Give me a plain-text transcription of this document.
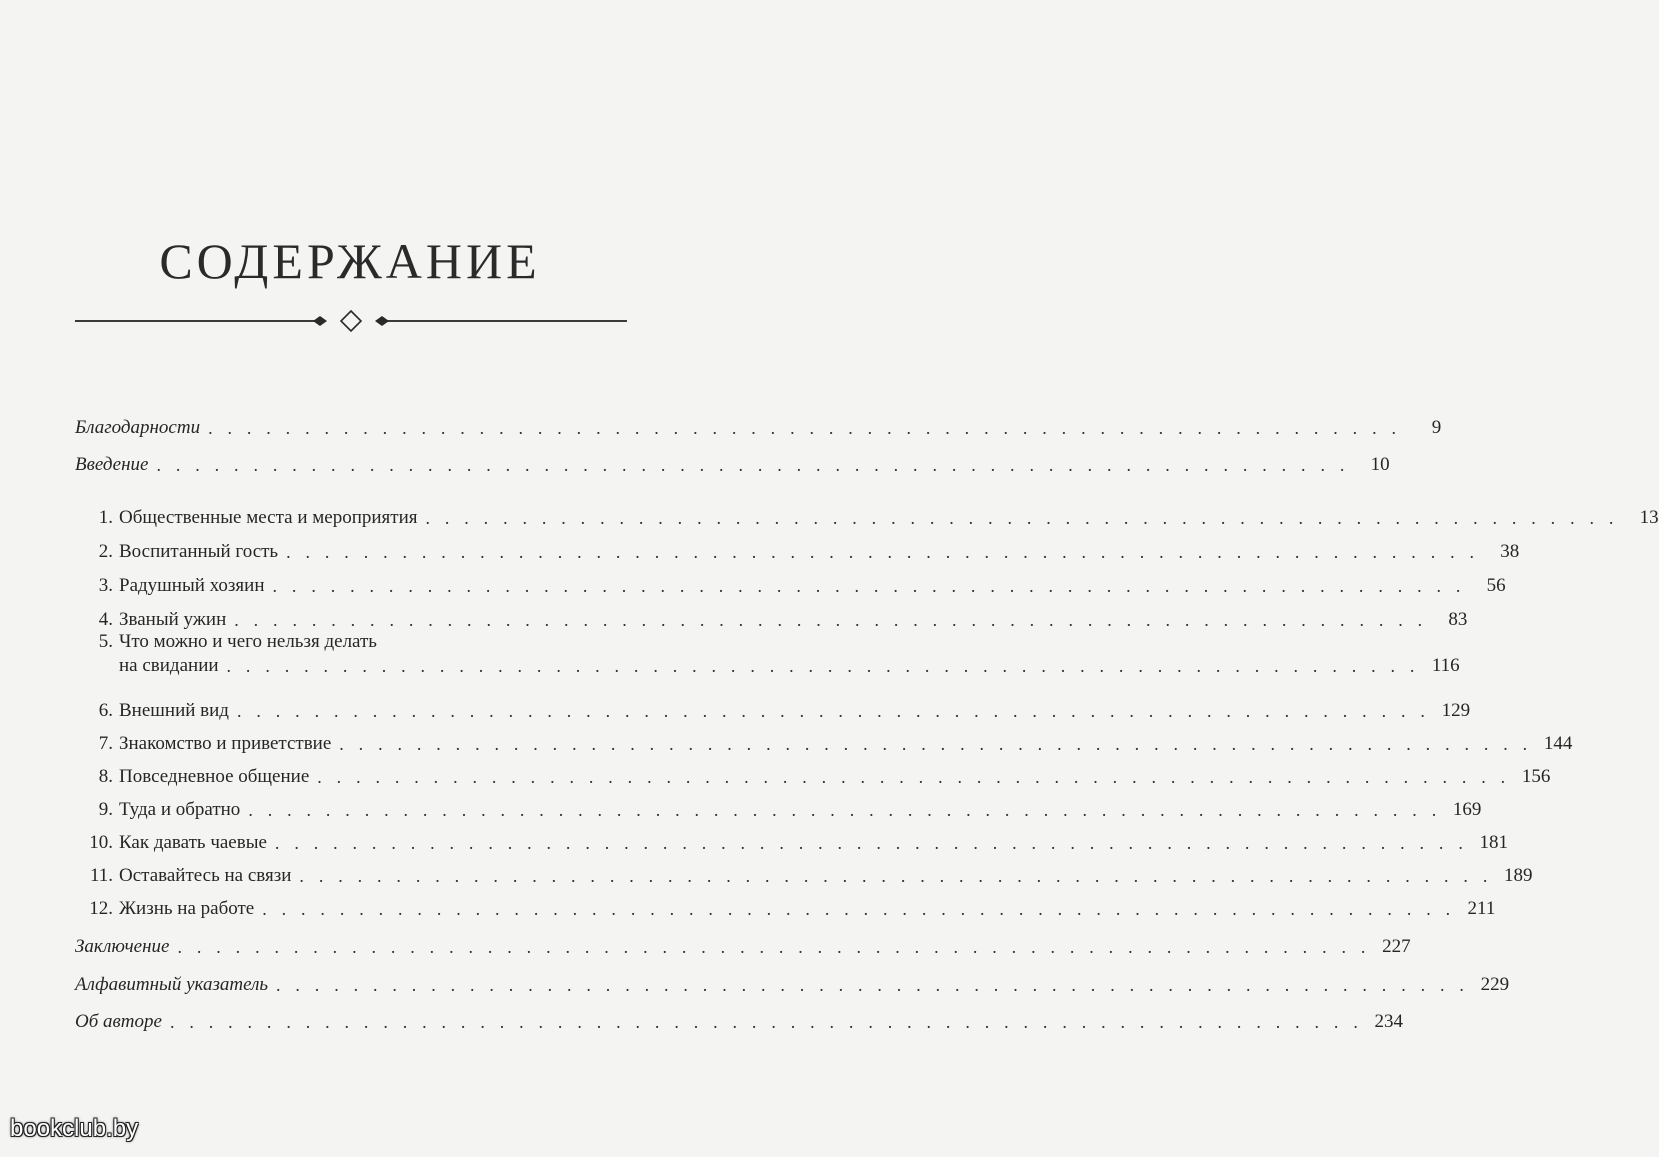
СОДЕРЖАНИЕ
Благодарности . . . . . . . . . . . . . . . . . . . . . . . . . . . . . . . . . . . . . . . . . . . . . . . . . . . . . . . . . . . . . .	9
Введение . . . . . . . . . . . . . . . . . . . . . . . . . . . . . . . . . . . . . . . . . . . . . . . . . . . . . . . . . . . . . .	10
1. Общественные места и мероприятия . . . . . . . . . . . . . . . . . . . . . . . . . . . . . . . . . . . . . . . . . . . . . . . . . . . . . . . . . . . . . .	13
2. Воспитанный гость . . . . . . . . . . . . . . . . . . . . . . . . . . . . . . . . . . . . . . . . . . . . . . . . . . . . . . . . . . . . . .	38
3. Радушный хозяин . . . . . . . . . . . . . . . . . . . . . . . . . . . . . . . . . . . . . . . . . . . . . . . . . . . . . . . . . . . . . .	56
4. Званый ужин . . . . . . . . . . . . . . . . . . . . . . . . . . . . . . . . . . . . . . . . . . . . . . . . . . . . . . . . . . . . . .	83
5. Что можно и чего нельзя делать
на свидании . . . . . . . . . . . . . . . . . . . . . . . . . . . . . . . . . . . . . . . . . . . . . . . . . . . . . . . . . . . . . . 116
6. Внешний вид . . . . . . . . . . . . . . . . . . . . . . . . . . . . . . . . . . . . . . . . . . . . . . . . . . . . . . . . . . . . . . 129
7. Знакомство и приветствие . . . . . . . . . . . . . . . . . . . . . . . . . . . . . . . . . . . . . . . . . . . . . . . . . . . . . . . . . . . . . . 144
8. Повседневное общение . . . . . . . . . . . . . . . . . . . . . . . . . . . . . . . . . . . . . . . . . . . . . . . . . . . . . . . . . . . . . . 156
9. Туда и обратно . . . . . . . . . . . . . . . . . . . . . . . . . . . . . . . . . . . . . . . . . . . . . . . . . . . . . . . . . . . . . . 169
10. Как давать чаевые . . . . . . . . . . . . . . . . . . . . . . . . . . . . . . . . . . . . . . . . . . . . . . . . . . . . . . . . . . . . . . 181
11. Оставайтесь на связи . . . . . . . . . . . . . . . . . . . . . . . . . . . . . . . . . . . . . . . . . . . . . . . . . . . . . . . . . . . . . . 189
12. Жизнь на работе . . . . . . . . . . . . . . . . . . . . . . . . . . . . . . . . . . . . . . . . . . . . . . . . . . . . . . . . . . . . . . 211
Заключение . . . . . . . . . . . . . . . . . . . . . . . . . . . . . . . . . . . . . . . . . . . . . . . . . . . . . . . . . . . . . . 227
Алфавитный указатель . . . . . . . . . . . . . . . . . . . . . . . . . . . . . . . . . . . . . . . . . . . . . . . . . . . . . . . . . . . . . . 229
Об авторе . . . . . . . . . . . . . . . . . . . . . . . . . . . . . . . . . . . . . . . . . . . . . . . . . . . . . . . . . . . . . . 234
bookclub.by
